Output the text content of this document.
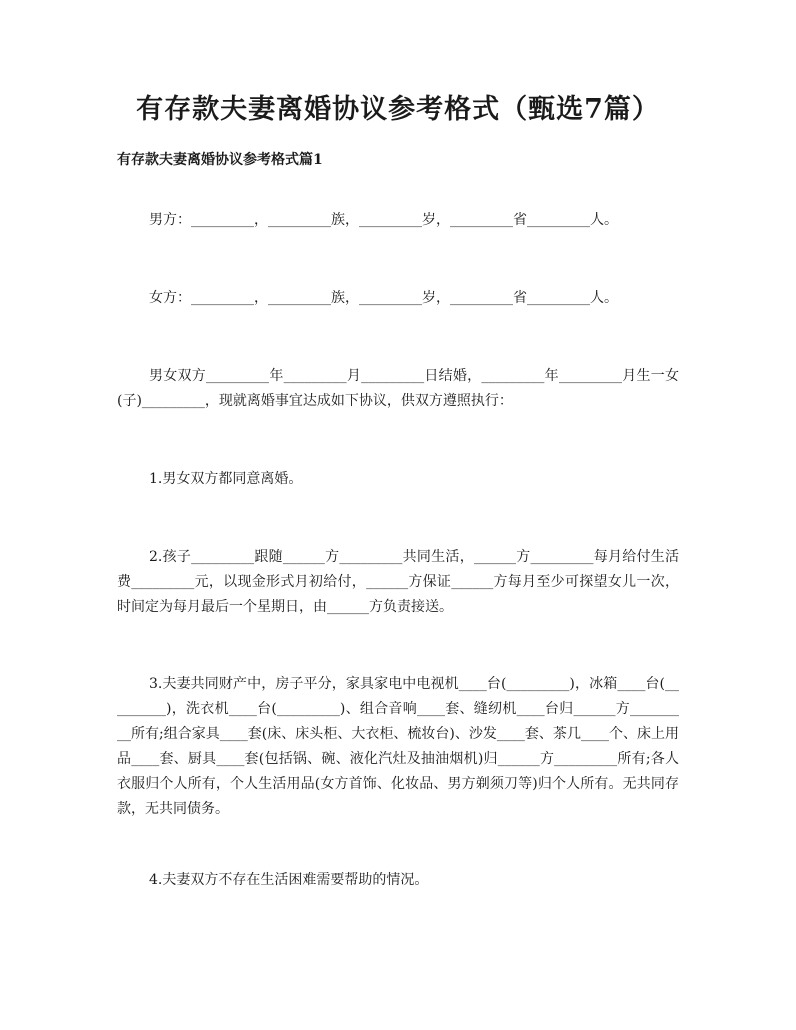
有存款夫妻离婚协议参考格式（甄选7篇）
有存款夫妻离婚协议参考格式篇1

男方：_________，_________族，_________岁，_________省_________人。

女方：_________，_________族，_________岁，_________省_________人。

男女双方_________年_________月_________日结婚，_________年_________月生一女(子)_________，现就离婚事宜达成如下协议，供双方遵照执行：

1.男女双方都同意离婚。

2.孩子_________跟随______方_________共同生活，______方_________每月给付生活费_________元，以现金形式月初给付，______方保证______方每月至少可探望女儿一次，时间定为每月最后一个星期日，由______方负责接送。

3.夫妻共同财产中，房子平分，家具家电中电视机____台(_________)，冰箱____台(_________)，洗衣机____台(_________)、组合音响____套、缝纫机____台归______方_________所有;组合家具____套(床、床头柜、大衣柜、梳妆台)、沙发____套、茶几____个、床上用品____套、厨具____套(包括锅、碗、液化汽灶及抽油烟机)归______方_________所有;各人衣服归个人所有，个人生活用品(女方首饰、化妆品、男方剃须刀等)归个人所有。无共同存款，无共同债务。

4.夫妻双方不存在生活困难需要帮助的情况。
